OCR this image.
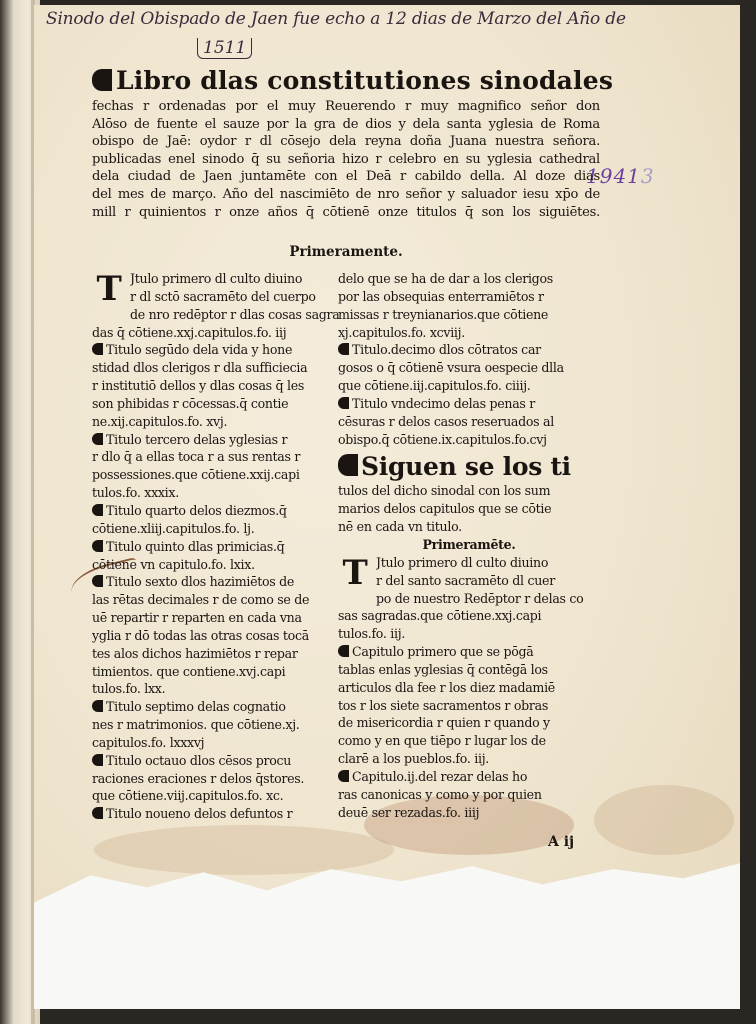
Sinodo del Obispado de Jaen fue echo a 12 dias de Marzo del Año de
1511
19413
Libro dlas constitutiones sinodales
fechas r ordenadas por el muy Reuerendo r muy magnifico señor don
Alōso de fuente el sauze por la gra de dios y dela santa yglesia de Roma
obispo de Jaē: oydor r dl cōsejo dela reyna doña Juana nuestra señora.
publicadas enel sinodo q̄ su señoria hizo r celebro en su yglesia cathedral
dela ciudad de Jaen juntamēte con el Deā r cabildo della. Al doze dias
del mes de março. Año del nascimiēto de nro señor y saluador iesu xp̄o de
mill r quinientos r onze años q̄ cōtienē onze titulos q̄ son los siguiētes.
Primeramente.
T Jtulo primero dl culto diuino
r dl sctō sacramēto del cuerpo
de nro redēptor r dlas cosas sagra
das q̄ cōtiene.xxj.capitulos.fo. iij
Titulo segūdo dela vida y hone
stidad dlos clerigos r dla sufficiecia
r institutiō dellos y dlas cosas q̄ les
son phibidas r cōcessas.q̄ contie
ne.xij.capitulos.fo. xvj.
Titulo tercero delas yglesias r
r dlo q̄ a ellas toca r a sus rentas r
possessiones.que cōtiene.xxij.capi
tulos.fo. xxxix.
Titulo quarto delos diezmos.q̄
cōtiene.xliij.capitulos.fo. lj.
Titulo quinto dlas primicias.q̄
cōtiene vn capitulo.fo. lxix.
Titulo sexto dlos hazimiētos de
las rētas decimales r de como se de
uē repartir r reparten en cada vna
yglia r dō todas las otras cosas tocā
tes alos dichos hazimiētos r repar
timientos. que contiene.xvj.capi
tulos.fo. lxx.
Titulo septimo delas cognatio
nes r matrimonios. que cōtiene.xj.
capitulos.fo. lxxxvj
Titulo octauo dlos cēsos procu
raciones eraciones r delos q̄stores.
que cōtiene.viij.capitulos.fo. xc.
Titulo noueno delos defuntos r
delo que se ha de dar a los clerigos
por las obsequias enterramiētos r
missas r treynianarios.que cōtiene
xj.capitulos.fo. xcviij.
Titulo.decimo dlos cōtratos car
gosos o q̄ cōtienē vsura oespecie dlla
que cōtiene.iij.capitulos.fo. ciiij.
Titulo vndecimo delas penas r
cēsuras r delos casos reseruados al
obispo.q̄ cōtiene.ix.capitulos.fo.cvj
Siguen se los ti
tulos del dicho sinodal con los sum
marios delos capitulos que se cōtie
nē en cada vn titulo.
Primeramēte.
T Jtulo primero dl culto diuino
r del santo sacramēto dl cuer
po de nuestro Redēptor r delas co
sas sagradas.que cōtiene.xxj.capi
tulos.fo. iij.
Capitulo primero que se pōgā
tablas enlas yglesias q̄ contēgā los
articulos dla fee r los diez madamiē
tos r los siete sacramentos r obras
de misericordia r quien r quando y
como y en que tiēpo r lugar los de
clarē a los pueblos.fo. iij.
Capitulo.ij.del rezar delas ho
ras canonicas y como y por quien
deuē ser rezadas.fo. iiij
A ij
